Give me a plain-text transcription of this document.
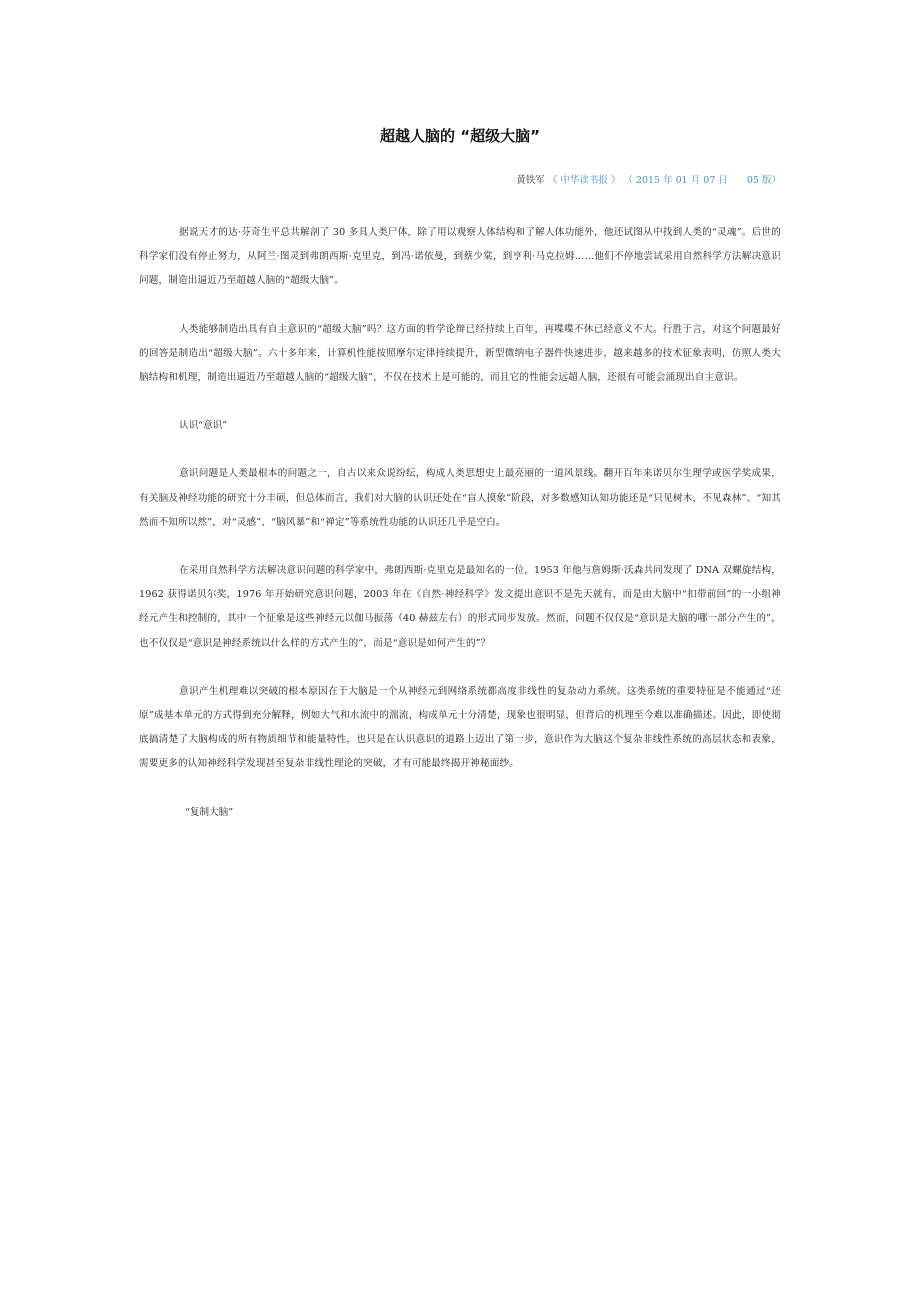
超越人脑的 “超级大脑”
黄铁军 《 中华读书报 》 （ 2015 年 01 月 07 日　　05 版）

据说天才的达·芬奇生平总共解剖了 30 多具人类尸体，除了用以观察人体结构和了解人体功能外，他还试图从中找到人类的“灵魂”。后世的科学家们没有停止努力，从阿兰·图灵到弗朗西斯·克里克，到冯·诺依曼，到蔡少棠，到亨利·马克拉姆……他们不停地尝试采用自然科学方法解决意识问题，制造出逼近乃至超越人脑的“超级大脑”。

人类能够制造出具有自主意识的“超级大脑”吗？这方面的哲学论辩已经持续上百年，再喋喋不休已经意义不大。行胜于言，对这个问题最好的回答是制造出“超级大脑”。六十多年来，计算机性能按照摩尔定律持续提升，新型微纳电子器件快速进步，越来越多的技术征象表明，仿照人类大脑结构和机理，制造出逼近乃至超越人脑的“超级大脑”，不仅在技术上是可能的，而且它的性能会远超人脑，还很有可能会涌现出自主意识。

认识“意识”

意识问题是人类最根本的问题之一，自古以来众说纷纭，构成人类思想史上最亮丽的一道风景线。翻开百年来诺贝尔生理学或医学奖成果，有关脑及神经功能的研究十分丰硕，但总体而言，我们对大脑的认识还处在“盲人摸象”阶段，对多数感知认知功能还是“只见树木，不见森林”、“知其然而不知所以然”，对“灵感”、“脑风暴”和“禅定”等系统性功能的认识还几乎是空白。

在采用自然科学方法解决意识问题的科学家中，弗朗西斯·克里克是最知名的一位，1953 年他与詹姆斯·沃森共同发现了 DNA 双螺旋结构，1962 获得诺贝尔奖，1976 年开始研究意识问题，2003 年在《自然·神经科学》发文提出意识不是先天就有，而是由大脑中“扣带前回”的一小组神经元产生和控制的，其中一个征象是这些神经元以伽马振荡（40 赫兹左右）的形式同步发放。然而，问题不仅仅是“意识是大脑的哪一部分产生的”，也不仅仅是“意识是神经系统以什么样的方式产生的”，而是“意识是如何产生的”？

意识产生机理难以突破的根本原因在于大脑是一个从神经元到网络系统都高度非线性的复杂动力系统。这类系统的重要特征是不能通过“还原”成基本单元的方式得到充分解释，例如大气和水流中的湍流，构成单元十分清楚，现象也很明显，但背后的机理至今难以准确描述。因此，即使彻底搞清楚了大脑构成的所有物质细节和能量特性，也只是在认识意识的道路上迈出了第一步，意识作为大脑这个复杂非线性系统的高层状态和表象，需要更多的认知神经科学发现甚至复杂非线性理论的突破，才有可能最终揭开神秘面纱。

“复制大脑”
